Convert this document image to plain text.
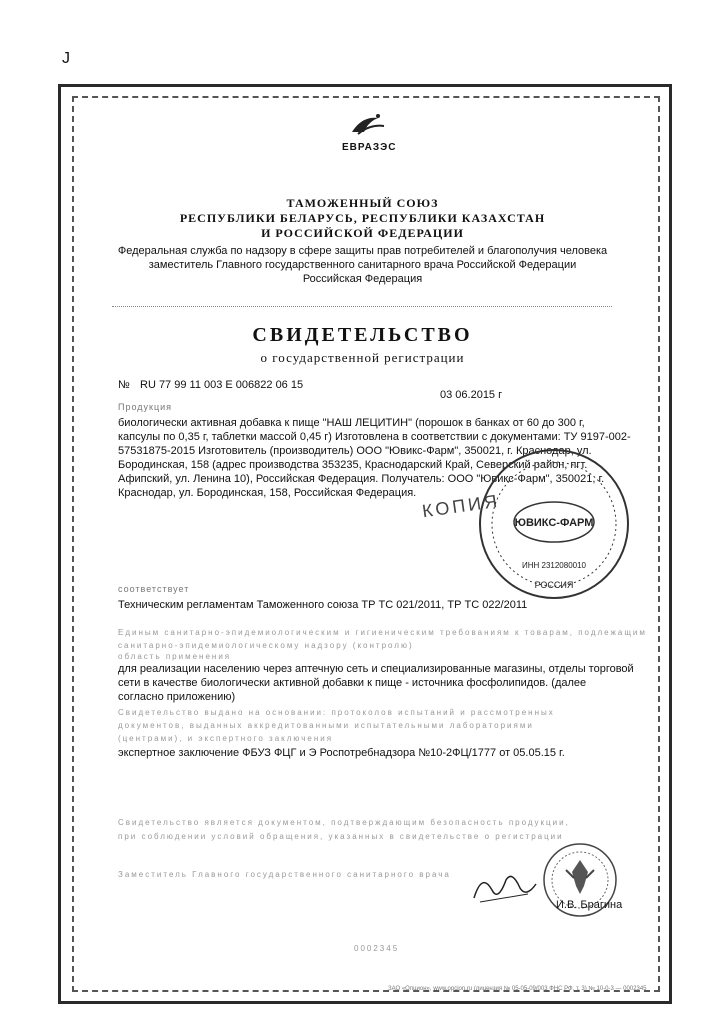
J
ЕВРАЗЭС
ТАМОЖЕННЫЙ СОЮЗ
РЕСПУБЛИКИ БЕЛАРУСЬ, РЕСПУБЛИКИ КАЗАХСТАН
И РОССИЙСКОЙ ФЕДЕРАЦИИ
Федеральная служба по надзору в сфере защиты прав потребителей и благополучия человека
заместитель Главного государственного санитарного врача Российской Федерации
Российская Федерация
СВИДЕТЕЛЬСТВО
о государственной регистрации
№ RU 77 99 11 003 E 006822 06 15
03 06.2015 г
Продукция
биологически активная добавка к пище "НАШ ЛЕЦИТИН" (порошок в банках от 60 до 300 г,
капсулы по 0,35 г, таблетки массой 0,45 г) Изготовлена в соответствии с документами: ТУ 9197-002-
57531875-2015 Изготовитель (производитель) ООО "Ювикс-Фарм", 350021, г. Краснодар, ул.
Бородинская, 158 (адрес производства 353235, Краснодарский Край, Северский район, пгт.
Афипский, ул. Ленина 10), Российская Федерация. Получатель: ООО "Ювикс-Фарм", 350021, г.
Краснодар, ул. Бородинская, 158, Российская Федерация. КОПИЯ
ЮВИКС-ФАРМ
ИНН 2312080010
РОССИЯ
соответствует
Техническим регламентам Таможенного союза ТР ТС 021/2011, ТР ТС 022/2011
Единым санитарно-эпидемиологическим и гигиеническим требованиям к товарам, подлежащим
санитарно-эпидемиологическому надзору (контролю)
область применения
для реализации населению через аптечную сеть и специализированные магазины, отделы торговой
сети в качестве биологически активной добавки к пище - источника фосфолипидов. (далее
согласно приложению)
Свидетельство выдано на основании: протоколов испытаний и рассмотренных
документов, выданных аккредитованными испытательными лабораториями
(центрами), и экспертного заключения
экспертное заключение ФБУЗ ФЦГ и Э Роспотребнадзора №10-2ФЦ/1777 от 05.05.15 г.
Свидетельство является документом, подтверждающим безопасность продукции,
при соблюдении условий обращения, указанных в свидетельстве о регистрации
Заместитель Главного государственного санитарного врача
И.В. Брагина
0002345
ЗАО «Опцион», www.opcion.ru (лицензия № 05-05-09/003 ФНС РФ, т. 3) № 10-0-3 — 0002345
